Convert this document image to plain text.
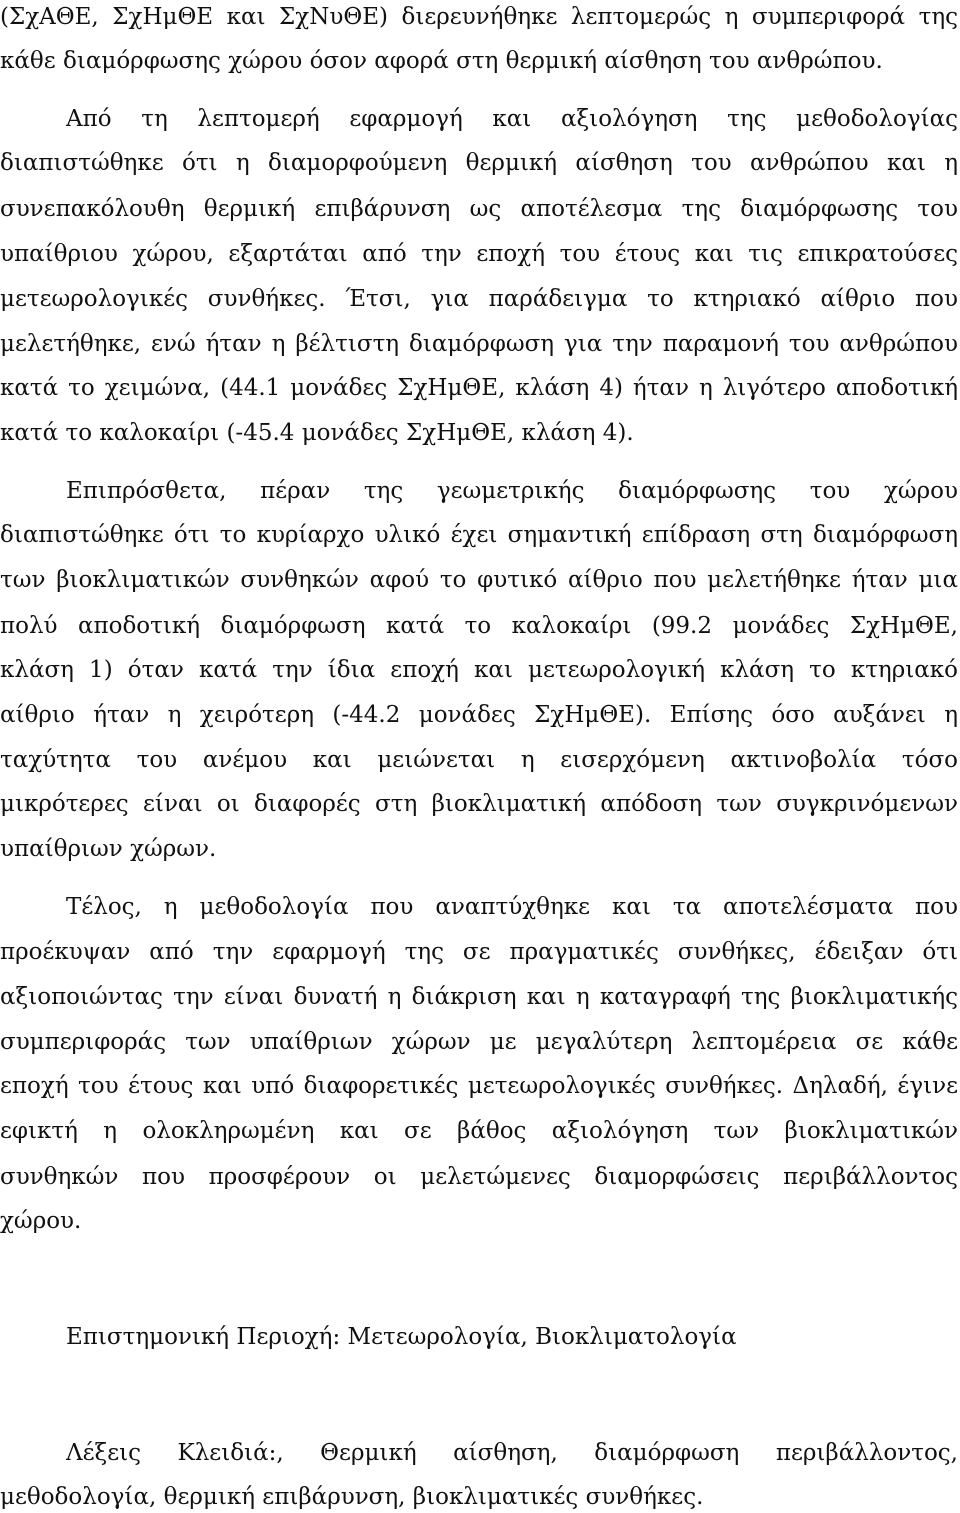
(ΣχΑΘΕ, ΣχΗμΘΕ και ΣχΝυΘΕ) διερευνήθηκε λεπτομερώς η συμπεριφορά της
κάθε διαμόρφωσης χώρου όσον αφορά στη θερμική αίσθηση του ανθρώπου.
Από τη λεπτομερή εφαρμογή και αξιολόγηση της μεθοδολογίας
διαπιστώθηκε ότι η διαμορφούμενη θερμική αίσθηση του ανθρώπου και η
συνεπακόλουθη θερμική επιβάρυνση ως αποτέλεσμα της διαμόρφωσης του
υπαίθριου χώρου, εξαρτάται από την εποχή του έτους και τις επικρατούσες
μετεωρολογικές συνθήκες. Έτσι, για παράδειγμα το κτηριακό αίθριο που
μελετήθηκε, ενώ ήταν η βέλτιστη διαμόρφωση για την παραμονή του ανθρώπου
κατά το χειμώνα, (44.1 μονάδες ΣχΗμΘΕ, κλάση 4) ήταν η λιγότερο αποδοτική
κατά το καλοκαίρι (-45.4 μονάδες ΣχΗμΘΕ, κλάση 4).
Επιπρόσθετα, πέραν της γεωμετρικής διαμόρφωσης του χώρου
διαπιστώθηκε ότι το κυρίαρχο υλικό έχει σημαντική επίδραση στη διαμόρφωση
των βιοκλιματικών συνθηκών αφού το φυτικό αίθριο που μελετήθηκε ήταν μια
πολύ αποδοτική διαμόρφωση κατά το καλοκαίρι (99.2 μονάδες ΣχΗμΘΕ,
κλάση 1) όταν κατά την ίδια εποχή και μετεωρολογική κλάση το κτηριακό
αίθριο ήταν η χειρότερη (-44.2 μονάδες ΣχΗμΘΕ). Επίσης όσο αυξάνει η
ταχύτητα του ανέμου και μειώνεται η εισερχόμενη ακτινοβολία τόσο
μικρότερες είναι οι διαφορές στη βιοκλιματική απόδοση των συγκρινόμενων
υπαίθριων χώρων.
Τέλος, η μεθοδολογία που αναπτύχθηκε και τα αποτελέσματα που
προέκυψαν από την εφαρμογή της σε πραγματικές συνθήκες, έδειξαν ότι
αξιοποιώντας την είναι δυνατή η διάκριση και η καταγραφή της βιοκλιματικής
συμπεριφοράς των υπαίθριων χώρων με μεγαλύτερη λεπτομέρεια σε κάθε
εποχή του έτους και υπό διαφορετικές μετεωρολογικές συνθήκες. Δηλαδή, έγινε
εφικτή η ολοκληρωμένη και σε βάθος αξιολόγηση των βιοκλιματικών
συνθηκών που προσφέρουν οι μελετώμενες διαμορφώσεις περιβάλλοντος
χώρου.
Επιστημονική Περιοχή: Μετεωρολογία, Βιοκλιματολογία
Λέξεις Κλειδιά:, Θερμική αίσθηση, διαμόρφωση περιβάλλοντος,
μεθοδολογία, θερμική επιβάρυνση, βιοκλιματικές συνθήκες.
